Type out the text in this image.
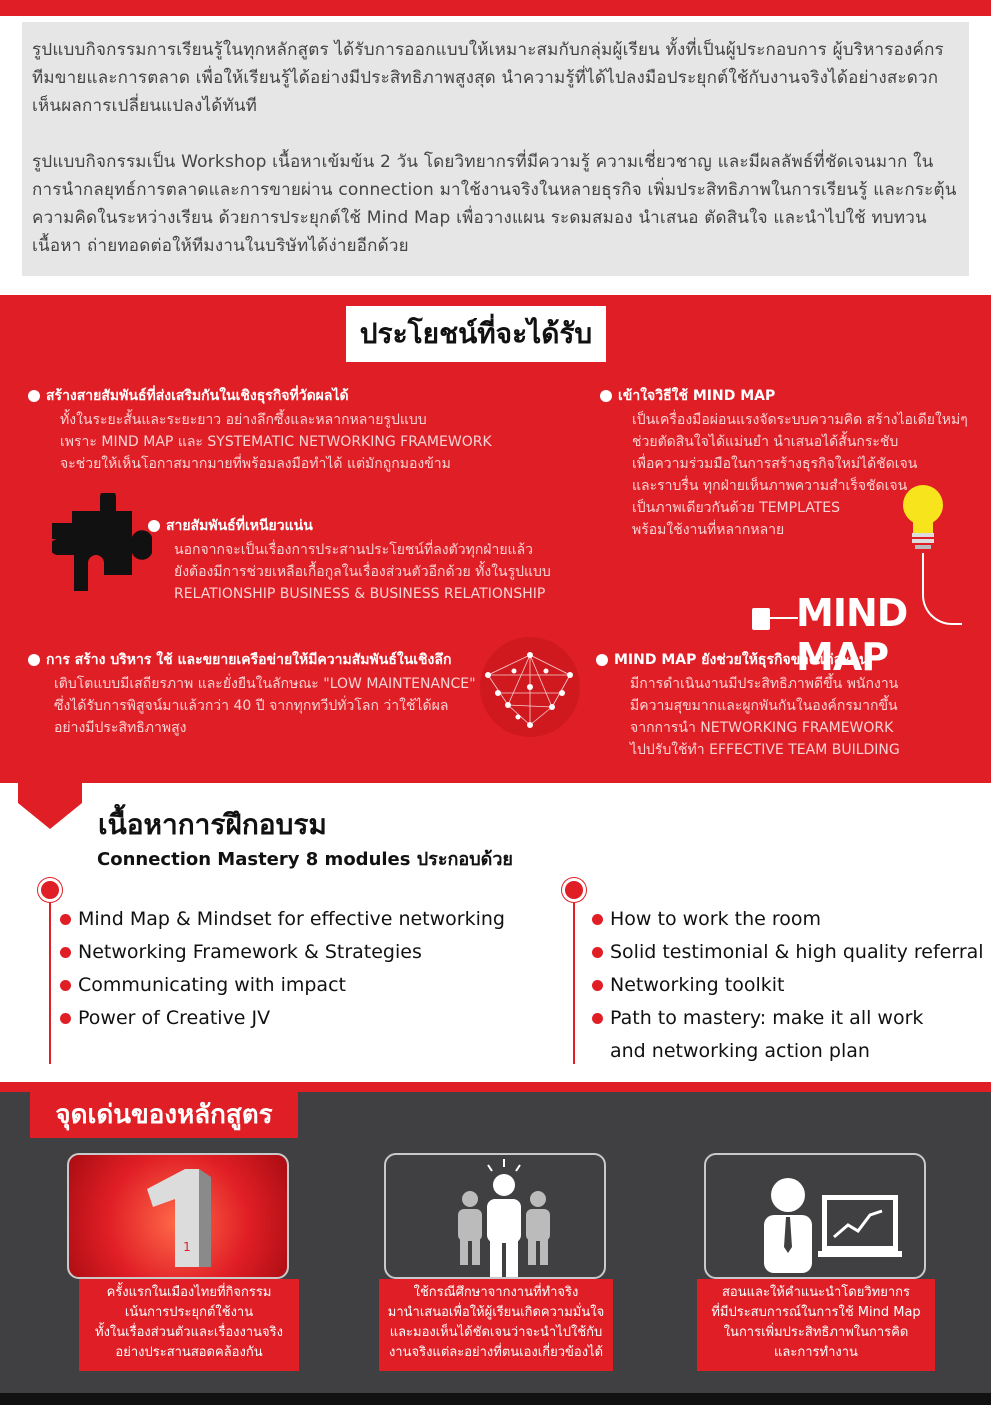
รูปแบบกิจกรรมการเรียนรู้ในทุกหลักสูตร ได้รับการออกแบบให้เหมาะสมกับกลุ่มผู้เรียน ทั้งที่เป็นผู้ประกอบการ ผู้บริหารองค์กร ทีมขายและการตลาด เพื่อให้เรียนรู้ได้อย่างมีประสิทธิภาพสูงสุด นำความรู้ที่ได้ไปลงมือประยุกต์ใช้กับงานจริงได้อย่างสะดวก เห็นผลการเปลี่ยนแปลงได้ทันที

รูปแบบกิจกรรมเป็น Workshop เนื้อหาเข้มข้น 2 วัน โดยวิทยากรที่มีความรู้ ความเชี่ยวชาญ และมีผลลัพธ์ที่ชัดเจนมาก ในการนำกลยุทธ์การตลาดและการขายผ่าน connection มาใช้งานจริงในหลายธุรกิจ เพิ่มประสิทธิภาพในการเรียนรู้ และกระตุ้นความคิดในระหว่างเรียน ด้วยการประยุกต์ใช้ Mind Map เพื่อวางแผน ระดมสมอง นำเสนอ ตัดสินใจ และนำไปใช้ ทบทวนเนื้อหา ถ่ายทอดต่อให้ทีมงานในบริษัทได้ง่ายอีกด้วย

ประโยชน์ที่จะได้รับ
สร้างสายสัมพันธ์ที่ส่งเสริมกันในเชิงธุรกิจที่วัดผลได้
ทั้งในระยะสั้นและระยะยาว อย่างลึกซึ้งและหลากหลายรูปแบบ
เพราะ MIND MAP และ SYSTEMATIC NETWORKING FRAMEWORK
จะช่วยให้เห็นโอกาสมากมายที่พร้อมลงมือทำได้ แต่มักถูกมองข้าม
เข้าใจวิธีใช้ MIND MAP
เป็นเครื่องมือผ่อนแรงจัดระบบความคิด สร้างไอเดียใหม่ๆ
ช่วยตัดสินใจได้แม่นยำ นำเสนอได้สั้นกระชับ
เพื่อความร่วมมือในการสร้างธุรกิจใหม่ได้ชัดเจน
และราบรื่น ทุกฝ่ายเห็นภาพความสำเร็จชัดเจน
เป็นภาพเดียวกันด้วย TEMPLATES
พร้อมใช้งานที่หลากหลาย
สายสัมพันธ์ที่เหนียวแน่น
นอกจากจะเป็นเรื่องการประสานประโยชน์ที่ลงตัวทุกฝ่ายแล้ว
ยังต้องมีการช่วยเหลือเกื้อกูลในเรื่องส่วนตัวอีกด้วย ทั้งในรูปแบบ
RELATIONSHIP BUSINESS & BUSINESS RELATIONSHIP	MIND MAP
การ สร้าง บริหาร ใช้ และขยายเครือข่ายให้มีความสัมพันธ์ในเชิงลึก
เติบโตแบบมีเสถียรภาพ และยั่งยืนในลักษณะ "LOW MAINTENANCE"
ซึ่งได้รับการพิสูจน์มาแล้วกว่า 40 ปี จากทุกทวีปทั่วโลก ว่าใช้ได้ผล
อย่างมีประสิทธิภาพสูง
MIND MAP ยังช่วยให้ธุรกิจของแต่ละคน
มีการดำเนินงานมีประสิทธิภาพดีขึ้น พนักงาน
มีความสุขมากและผูกพันกันในองค์กรมากขึ้น
จากการนำ NETWORKING FRAMEWORK
ไปปรับใช้ทำ EFFECTIVE TEAM BUILDING
เนื้อหาการฝึกอบรม
Connection Mastery 8 modules ประกอบด้วย
Mind Map & Mindset for effective networking
Networking Framework & Strategies
Communicating with impact
Power of Creative JV
How to work the room
Solid testimonial & high quality referral
Networking toolkit
Path to mastery: make it all work
and networking action plan
จุดเด่นของหลักสูตร
1
ครั้งแรกในเมืองไทยที่กิจกรรม
เน้นการประยุกต์ใช้งาน
ทั้งในเรื่องส่วนตัวและเรื่องงานจริง
อย่างประสานสอดคล้องกัน
ใช้กรณีศึกษาจากงานที่ทำจริง
มานำเสนอเพื่อให้ผู้เรียนเกิดความมั่นใจ
และมองเห็นได้ชัดเจนว่าจะนำไปใช้กับ
งานจริงแต่ละอย่างที่ตนเองเกี่ยวข้องได้
สอนและให้คำแนะนำโดยวิทยากร
ที่มีประสบการณ์ในการใช้ Mind Map
ในการเพิ่มประสิทธิภาพในการคิด
และการทำงาน
